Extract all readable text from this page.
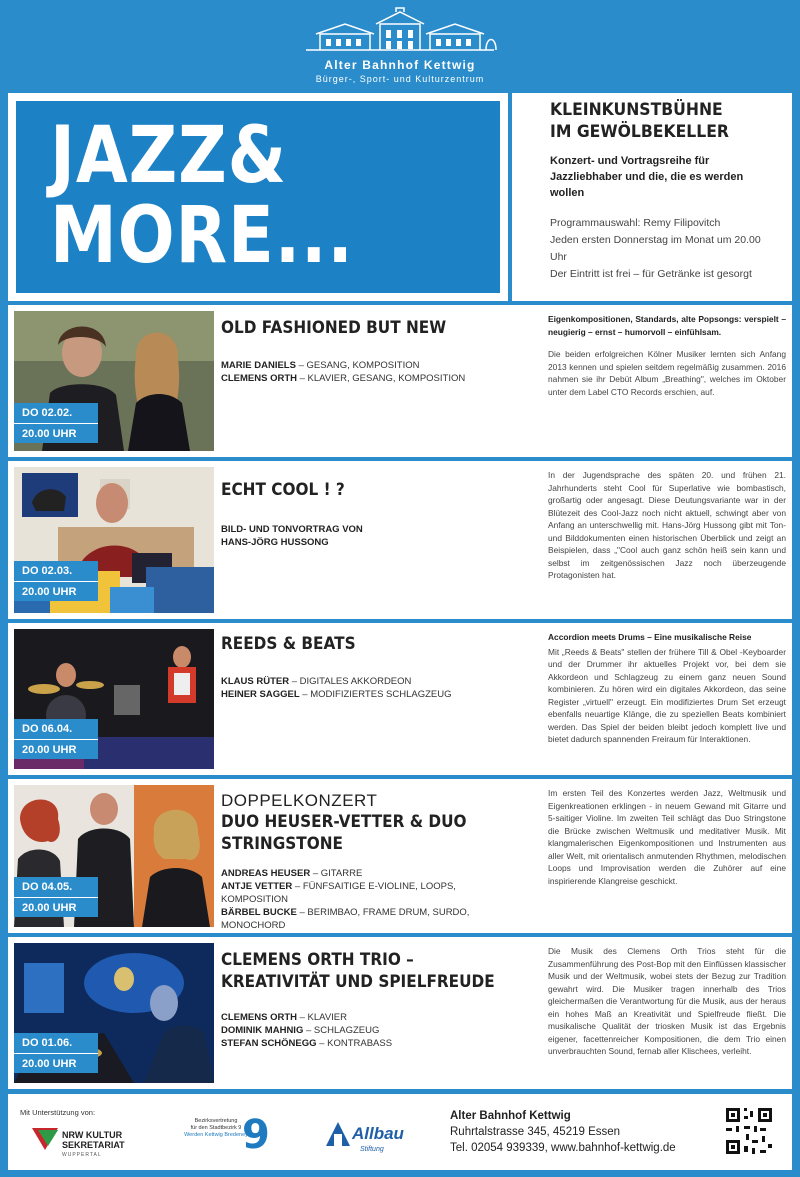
Alter Bahnhof Kettwig
Bürger-, Sport- und Kulturzentrum
JAZZ&
MORE...
KLEINKUNSTBÜHNE
IM GEWÖLBEKELLER
Konzert- und Vortragsreihe für Jazzliebhaber und die, die es werden wollen
Programmauswahl: Remy Filipovitch
Jeden ersten Donnerstag im Monat um 20.00 Uhr
Der Eintritt ist frei – für Getränke ist gesorgt
DO 02.02.
20.00 UHR
OLD FASHIONED BUT NEW
MARIE DANIELS – GESANG, KOMPOSITION
CLEMENS ORTH – KLAVIER, GESANG, KOMPOSITION
Eigenkompositionen, Standards, alte Popsongs: verspielt – neugierig – ernst – humorvoll – einfühlsam.
Die beiden erfolgreichen Kölner Musiker lernten sich Anfang 2013 kennen und spielen seitdem regelmäßig zusammen. 2016 nahmen sie ihr Debüt Album „Breathing", welches im Oktober unter dem Label CTO Records erschien, auf.
DO 02.03.
20.00 UHR
ECHT COOL ! ?
BILD- UND TONVORTRAG VON
HANS-JÖRG HUSSONG
In der Jugendsprache des späten 20. und frühen 21. Jahrhunderts steht Cool für Superlative wie bombastisch, großartig oder angesagt. Diese Deutungsvariante war in der Blütezeit des Cool-Jazz noch nicht aktuell, schwingt aber von Anfang an unterschwellig mit. Hans-Jörg Hussong gibt mit Ton- und Bilddokumenten einen historischen Überblick und zeigt an Beispielen, dass „"Cool auch ganz schön heiß sein kann und selbst im zeitgenössischen Jazz noch überzeugende Protagonisten hat.
DO 06.04.
20.00 UHR
REEDS & BEATS
KLAUS RÜTER – DIGITALES AKKORDEON
HEINER SAGGEL – MODIFIZIERTES SCHLAGZEUG
Accordion meets Drums – Eine musikalische Reise
Mit „Reeds & Beats" stellen der frühere Till & Obel -Keyboarder und der Drummer ihr aktuelles Projekt vor, bei dem sie Akkordeon und Schlagzeug zu einem ganz neuen Sound kombinieren. Zu hören wird ein digitales Akkordeon, das seine Register „virtuell" erzeugt. Ein modifiziertes Drum Set erzeugt ebenfalls neuartige Klänge, die zu speziellen Beats kombiniert werden. Das Spiel der beiden bleibt jedoch komplett live und bietet dadurch spannenden Freiraum für Interaktionen.
DO 04.05.
20.00 UHR
DOPPELKONZERT
DUO HEUSER-VETTER & DUO STRINGSTONE
ANDREAS HEUSER – GITARRE
ANTJE VETTER – FÜNFSAITIGE E-VIOLINE, LOOPS, KOMPOSITION
BÄRBEL BUCKE – BERIMBAO, FRAME DRUM, SURDO, MONOCHORD
Im ersten Teil des Konzertes werden Jazz, Weltmusik und Eigenkreationen erklingen - in neuem Gewand mit Gitarre und 5-saitiger Violine. Im zweiten Teil schlägt das Duo Stringstone die Brücke zwischen Weltmusik und meditativer Musik. Mit klangmalerischen Eigenkompositionen und Instrumenten aus aller Welt, mit orientalisch anmutenden Rhythmen, melodischen Loops und Improvisation werden die Zuhörer auf eine inspirierende Klangreise geschickt.
DO 01.06.
20.00 UHR
CLEMENS ORTH TRIO – KREATIVITÄT UND SPIELFREUDE
CLEMENS ORTH – KLAVIER
DOMINIK MAHNIG – SCHLAGZEUG
STEFAN SCHÖNEGG – KONTRABASS
Die Musik des Clemens Orth Trios steht für die Zusammenführung des Post-Bop mit den Einflüssen klassischer Musik und der Weltmusik, wobei stets der Bezug zur Tradition gewahrt wird. Die Musiker tragen innerhalb des Trios gleichermaßen die Verantwortung für die Musik, aus der heraus ein hohes Maß an Kreativität und Spielfreude fließt. Die musikalische Qualität der triosken Musik ist das Ergebnis eigener, facettenreicher Kompositionen, die dem Trio einen unverbrauchten Sound, fernab aller Klischees, verleiht.
Mit Unterstützung von:
NRW KULTUR
SEKRETARIAT
WUPPERTAL
Bezirksvertretung
für den Stadtbezirk 9
Werden Kettwig Bredeney
9	Allbau
Stiftung
Alter Bahnhof Kettwig
Ruhrtalstrasse 345, 45219 Essen
Tel. 02054 939339, www.bahnhof-kettwig.de
